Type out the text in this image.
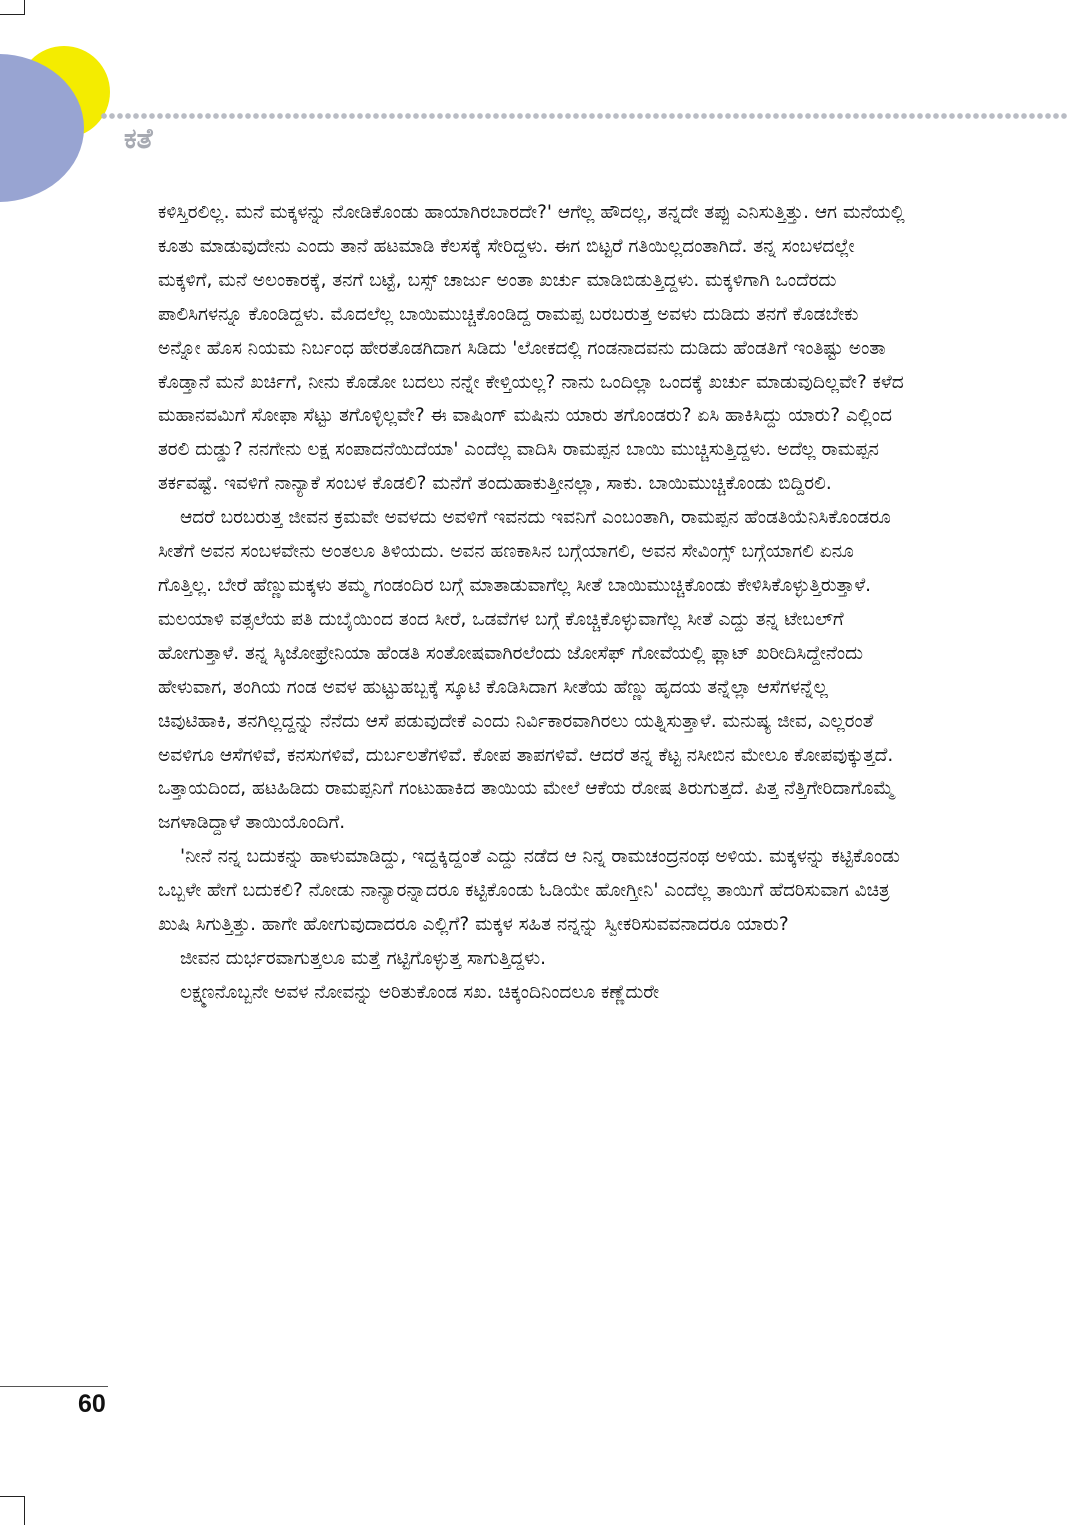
ಕತೆ

ಕಳಿಸ್ತಿರಲಿಲ್ಲ. ಮನೆ ಮಕ್ಕಳನ್ನು ನೋಡಿಕೊಂಡು ಹಾಯಾಗಿರಬಾರದೇ?' ಆಗೆಲ್ಲ ಹೌದಲ್ಲ, ತನ್ನದೇ ತಪ್ಪು ಎನಿಸುತ್ತಿತ್ತು. ಆಗ ಮನೆಯಲ್ಲಿ ಕೂತು ಮಾಡುವುದೇನು ಎಂದು ತಾನೆ ಹಟಮಾಡಿ ಕೆಲಸಕ್ಕೆ ಸೇರಿದ್ದಳು. ಈಗ ಬಿಟ್ಟರೆ ಗತಿಯಿಲ್ಲದಂತಾಗಿದೆ. ತನ್ನ ಸಂಬಳದಲ್ಲೇ ಮಕ್ಕಳಿಗೆ, ಮನೆ ಅಲಂಕಾರಕ್ಕೆ, ತನಗೆ ಬಟ್ಟೆ, ಬಸ್ಸ್ ಚಾರ್ಜು ಅಂತಾ ಖರ್ಚು ಮಾಡಿಬಿಡುತ್ತಿದ್ದಳು. ಮಕ್ಕಳಿಗಾಗಿ ಒಂದೆರದು ಪಾಲಿಸಿಗಳನ್ನೂ ಕೊಂಡಿದ್ದಳು. ಮೊದಲೆಲ್ಲ ಬಾಯಿಮುಚ್ಚಿಕೊಂಡಿದ್ದ ರಾಮಪ್ಪ ಬರಬರುತ್ತ ಅವಳು ದುಡಿದು ತನಗೆ ಕೊಡಬೇಕು ಅನ್ನೋ ಹೊಸ ನಿಯಮ ನಿರ್ಬಂಧ ಹೇರತೊಡಗಿದಾಗ ಸಿಡಿದು 'ಲೋಕದಲ್ಲಿ ಗಂಡನಾದವನು ದುಡಿದು ಹೆಂಡತಿಗೆ ಇಂತಿಷ್ಟು ಅಂತಾ ಕೊಡ್ತಾನೆ ಮನೆ ಖರ್ಚಿಗೆ, ನೀನು ಕೊಡೋ ಬದಲು ನನ್ನೇ ಕೇಳ್ತಿಯಲ್ಲ? ನಾನು ಒಂದಿಲ್ಲಾ ಒಂದಕ್ಕೆ ಖರ್ಚು ಮಾಡುವುದಿಲ್ಲವೇ? ಕಳೆದ ಮಹಾನವಮಿಗೆ ಸೋಫಾ ಸೆಟ್ಟು ತಗೊಳ್ಳಿಲ್ಲವೇ? ಈ ವಾಷಿಂಗ್ ಮಷಿನು ಯಾರು ತಗೊಂಡರು? ಏಸಿ ಹಾಕಿಸಿದ್ದು ಯಾರು? ಎಲ್ಲಿಂದ ತರಲಿ ದುಡ್ಡು? ನನಗೇನು ಲಕ್ಷ ಸಂಪಾದನೆಯಿದೆಯಾ' ಎಂದೆಲ್ಲ ವಾದಿಸಿ ರಾಮಪ್ಪನ ಬಾಯಿ ಮುಚ್ಚಿಸುತ್ತಿದ್ದಳು. ಅದೆಲ್ಲ ರಾಮಪ್ಪನ ತರ್ಕವಷ್ಟೆ. ಇವಳಿಗೆ ನಾನ್ಯಾಕೆ ಸಂಬಳ ಕೊಡಲಿ? ಮನೆಗೆ ತಂದುಹಾಕುತ್ತೀನಲ್ಲಾ, ಸಾಕು. ಬಾಯಿಮುಚ್ಚಿಕೊಂಡು ಬಿದ್ದಿರಲಿ.

ಆದರೆ ಬರಬರುತ್ತ ಜೀವನ ಕ್ರಮವೇ ಅವಳದು ಅವಳಿಗೆ ಇವನದು ಇವನಿಗೆ ಎಂಬಂತಾಗಿ, ರಾಮಪ್ಪನ ಹೆಂಡತಿಯೆನಿಸಿಕೊಂಡರೂ ಸೀತೆಗೆ ಅವನ ಸಂಬಳವೇನು ಅಂತಲೂ ತಿಳಿಯದು. ಅವನ ಹಣಕಾಸಿನ ಬಗ್ಗೆಯಾಗಲಿ, ಅವನ ಸೇವಿಂಗ್ಸ್ ಬಗ್ಗೆಯಾಗಲಿ ಏನೂ ಗೊತ್ತಿಲ್ಲ. ಬೇರೆ ಹೆಣ್ಣುಮಕ್ಕಳು ತಮ್ಮ ಗಂಡಂದಿರ ಬಗ್ಗೆ ಮಾತಾಡುವಾಗೆಲ್ಲ ಸೀತೆ ಬಾಯಿಮುಚ್ಚಿಕೊಂಡು ಕೇಳಿಸಿಕೊಳ್ಳುತ್ತಿರುತ್ತಾಳೆ. ಮಲಯಾಳಿ ವತ್ಸಲೆಯ ಪತಿ ದುಬೈಯಿಂದ ತಂದ ಸೀರೆ, ಒಡವೆಗಳ ಬಗ್ಗೆ ಕೊಚ್ಚಿಕೊಳ್ಳುವಾಗೆಲ್ಲ ಸೀತೆ ಎದ್ದು ತನ್ನ ಟೇಬಲ್‌ಗೆ ಹೋಗುತ್ತಾಳೆ. ತನ್ನ ಸ್ಕಿಜೋಫ್ರೇನಿಯಾ ಹೆಂಡತಿ ಸಂತೋಷವಾಗಿರಲೆಂದು ಜೋಸೆಫ್ ಗೋವೆಯಲ್ಲಿ ಫ್ಲಾಟ್ ಖರೀದಿಸಿದ್ದೇನೆಂದು ಹೇಳುವಾಗ, ತಂಗಿಯ ಗಂಡ ಅವಳ ಹುಟ್ಟುಹಬ್ಬಕ್ಕೆ ಸ್ಕೂಟಿ ಕೊಡಿಸಿದಾಗ ಸೀತೆಯ ಹೆಣ್ಣು ಹೃದಯ ತನ್ನೆಲ್ಲಾ ಆಸೆಗಳನ್ನೆಲ್ಲ ಚಿವುಟಿಹಾಕಿ, ತನಗಿಲ್ಲದ್ದನ್ನು ನೆನೆದು ಆಸೆ ಪಡುವುದೇಕೆ ಎಂದು ನಿರ್ವಿಕಾರವಾಗಿರಲು ಯತ್ನಿಸುತ್ತಾಳೆ. ಮನುಷ್ಯ ಜೀವ, ಎಲ್ಲರಂತೆ ಅವಳಿಗೂ ಆಸೆಗಳಿವೆ, ಕನಸುಗಳಿವೆ, ದುರ್ಬಲತೆಗಳಿವೆ. ಕೋಪ ತಾಪಗಳಿವೆ. ಆದರೆ ತನ್ನ ಕೆಟ್ಟ ನಸೀಬಿನ ಮೇಲೂ ಕೋಪವುಕ್ಕುತ್ತದೆ. ಒತ್ತಾಯದಿಂದ, ಹಟಹಿಡಿದು ರಾಮಪ್ಪನಿಗೆ ಗಂಟುಹಾಕಿದ ತಾಯಿಯ ಮೇಲೆ ಆಕೆಯ ರೋಷ ತಿರುಗುತ್ತದೆ. ಪಿತ್ತ ನೆತ್ತಿಗೇರಿದಾಗೊಮ್ಮೆ ಜಗಳಾಡಿದ್ದಾಳೆ ತಾಯಿಯೊಂದಿಗೆ.

'ನೀನೆ ನನ್ನ ಬದುಕನ್ನು ಹಾಳುಮಾಡಿದ್ದು, ಇದ್ದಕ್ಕಿದ್ದಂತೆ ಎದ್ದು ನಡೆದ ಆ ನಿನ್ನ ರಾಮಚಂದ್ರನಂಥ ಅಳಿಯ. ಮಕ್ಕಳನ್ನು ಕಟ್ಟಿಕೊಂಡು ಒಬ್ಬಳೇ ಹೇಗೆ ಬದುಕಲಿ? ನೋಡು ನಾನ್ಯಾರನ್ನಾದರೂ ಕಟ್ಟಿಕೊಂಡು ಓಡಿಯೇ ಹೋಗ್ತೀನಿ' ಎಂದೆಲ್ಲ ತಾಯಿಗೆ ಹೆದರಿಸುವಾಗ ವಿಚಿತ್ರ ಖುಷಿ ಸಿಗುತ್ತಿತ್ತು. ಹಾಗೇ ಹೋಗುವುದಾದರೂ ಎಲ್ಲಿಗೆ? ಮಕ್ಕಳ ಸಹಿತ ನನ್ನನ್ನು ಸ್ವೀಕರಿಸುವವನಾದರೂ ಯಾರು?

ಜೀವನ ದುರ್ಭರವಾಗುತ್ತಲೂ ಮತ್ತೆ ಗಟ್ಟಿಗೊಳ್ಳುತ್ತ ಸಾಗುತ್ತಿದ್ದಳು.

ಲಕ್ಷ್ಮಣನೊಬ್ಬನೇ ಅವಳ ನೋವನ್ನು ಅರಿತುಕೊಂಡ ಸಖ. ಚಿಕ್ಕಂದಿನಿಂದಲೂ ಕಣ್ಣೆದುರೇ

60
